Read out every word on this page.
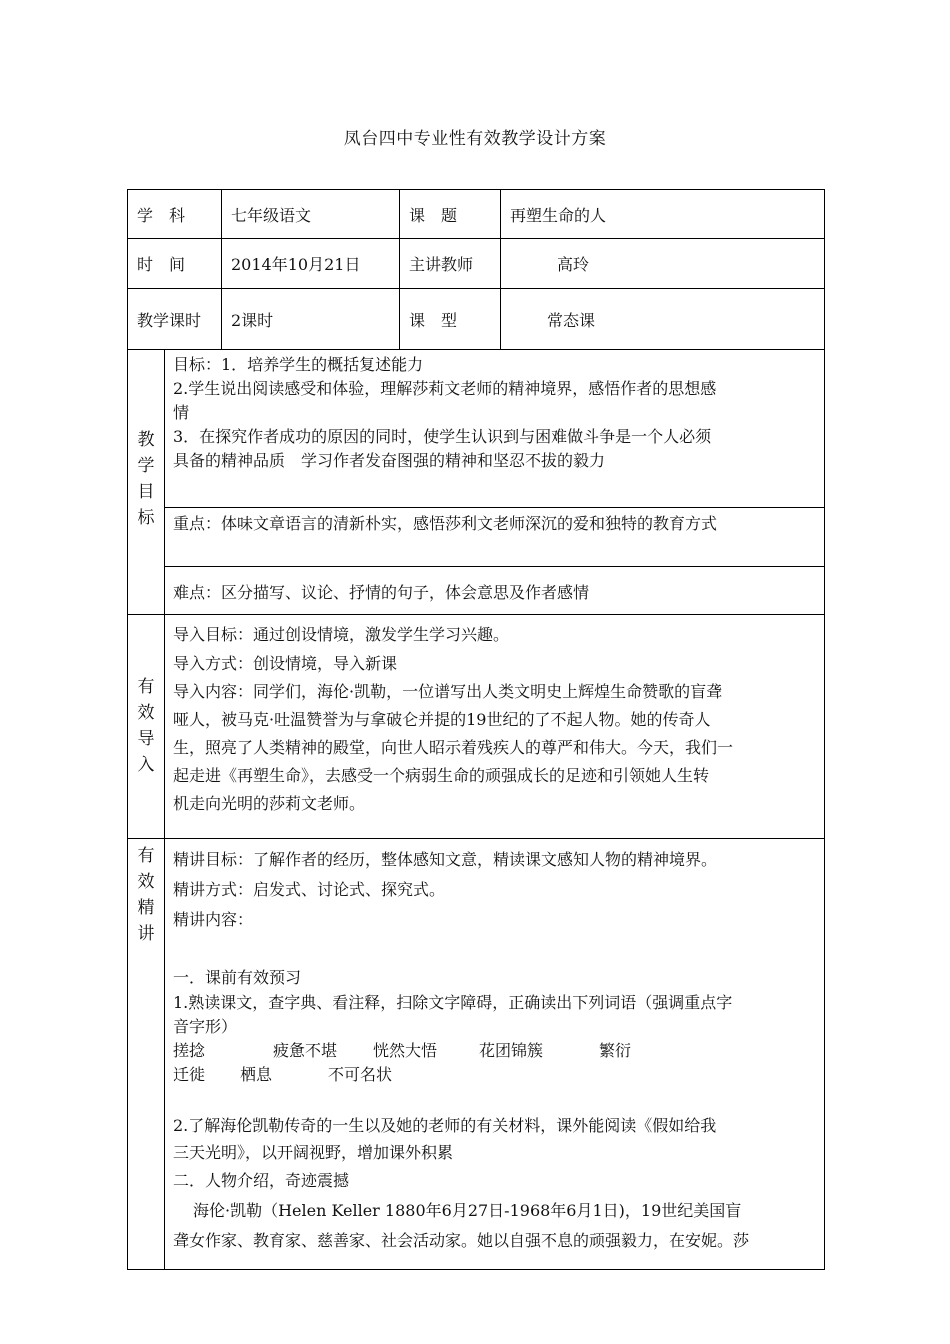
凤台四中专业性有效教学设计方案
学　科	七年级语文	课　题	再塑生命的人
时　间	2014年10月21日	主讲教师	高玲
教学课时 2课时	课　型	常态课
教
学
目
标

目标：1．培养学生的概括复述能力

2.学生说出阅读感受和体验，理解莎莉文老师的精神境界，感悟作者的思想感

情

3．在探究作者成功的原因的同时，使学生认识到与困难做斗争是一个人必须

具备的精神品质　学习作者发奋图强的精神和坚忍不拔的毅力

重点：体味文章语言的清新朴实，感悟莎利文老师深沉的爱和独特的教育方式
难点：区分描写、议论、抒情的句子，体会意思及作者感情
有
效
导
入

导入目标：通过创设情境，激发学生学习兴趣。

导入方式：创设情境，导入新课

导入内容：同学们，海伦·凯勒，一位谱写出人类文明史上辉煌生命赞歌的盲聋

哑人，被马克·吐温赞誉为与拿破仑并提的19世纪的了不起人物。她的传奇人

生，照亮了人类精神的殿堂，向世人昭示着残疾人的尊严和伟大。今天，我们一

起走进《再塑生命》，去感受一个病弱生命的顽强成长的足迹和引领她人生转

机走向光明的莎莉文老师。

有
效
精
讲

精讲目标：了解作者的经历，整体感知文意，精读课文感知人物的精神境界。

精讲方式：启发式、讨论式、探究式。

精讲内容：

一．课前有效预习

1.熟读课文，查字典、看注释，扫除文字障碍，正确读出下列词语（强调重点字

音字形）

搓捻	疲惫不堪 恍然大悟	花团锦簇	繁衍

迁徙 栖息	不可名状

2.了解海伦凯勒传奇的一生以及她的老师的有关材料，课外能阅读《假如给我

三天光明》，以开阔视野，增加课外积累

二．人物介绍，奇迹震撼

海伦·凯勒（Helen Keller 1880年6月27日-1968年6月1日)，19世纪美国盲

聋女作家、教育家、慈善家、社会活动家。她以自强不息的顽强毅力，在安妮。莎
